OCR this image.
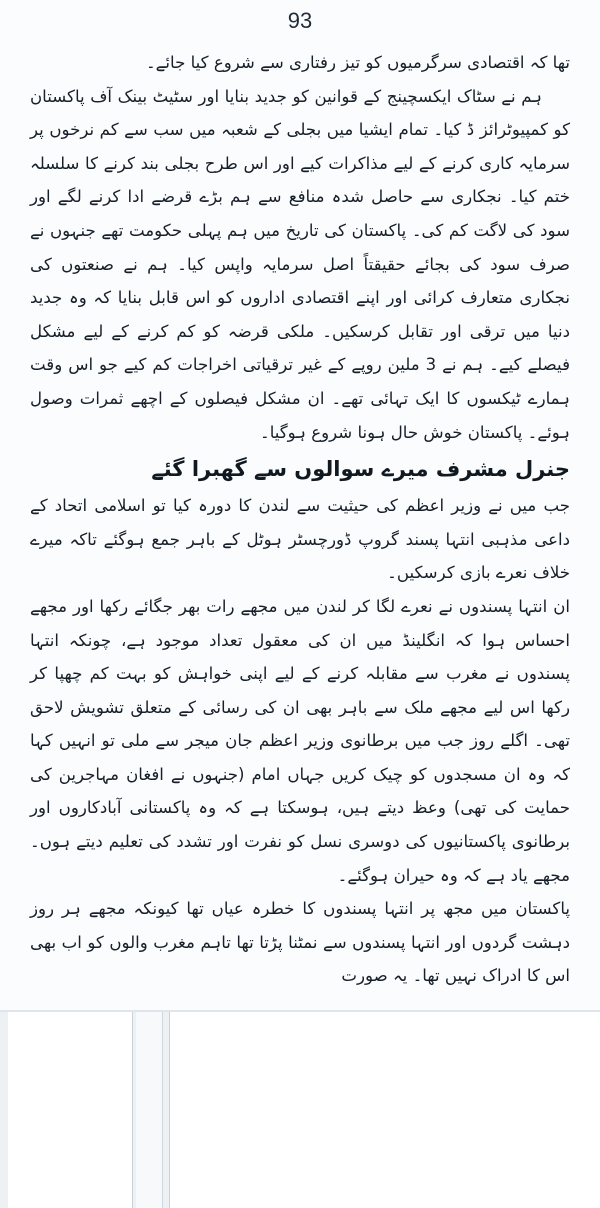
93

تھا کہ اقتصادی سرگرمیوں کو تیز رفتاری سے شروع کیا جائے۔

ہم نے سٹاک ایکسچینج کے قوانین کو جدید بنایا اور سٹیٹ بینک آف پاکستان کو کمپیوٹرائز ڈ کیا۔ تمام ایشیا میں بجلی کے شعبہ میں سب سے کم نرخوں پر سرمایہ کاری کرنے کے لیے مذاکرات کیے اور اس طرح بجلی بند کرنے کا سلسلہ ختم کیا۔ نجکاری سے حاصل شدہ منافع سے ہم بڑے قرضے ادا کرنے لگے اور سود کی لاگت کم کی۔ پاکستان کی تاریخ میں ہم پہلی حکومت تھے جنہوں نے صرف سود کی بجائے حقیقتاً اصل سرمایہ واپس کیا۔ ہم نے صنعتوں کی نجکاری متعارف کرائی اور اپنے اقتصادی اداروں کو اس قابل بنایا کہ وہ جدید دنیا میں ترقی اور تقابل کرسکیں۔ ملکی قرضہ کو کم کرنے کے لیے مشکل فیصلے کیے۔ ہم نے 3 ملین روپے کے غیر ترقیاتی اخراجات کم کیے جو اس وقت ہمارے ٹیکسوں کا ایک تہائی تھے۔ ان مشکل فیصلوں کے اچھے ثمرات وصول ہوئے۔ پاکستان خوش حال ہونا شروع ہوگیا۔

جنرل مشرف میرے سوالوں سے گھبرا گئے

جب میں نے وزیر اعظم کی حیثیت سے لندن کا دورہ کیا تو اسلامی اتحاد کے داعی مذہبی انتہا پسند گروپ ڈورچسٹر ہوٹل کے باہر جمع ہوگئے تاکہ میرے خلاف نعرے بازی کرسکیں۔

ان انتہا پسندوں نے نعرے لگا کر لندن میں مجھے رات بھر جگائے رکھا اور مجھے احساس ہوا کہ انگلینڈ میں ان کی معقول تعداد موجود ہے، چونکہ انتہا پسندوں نے مغرب سے مقابلہ کرنے کے لیے اپنی خواہش کو بہت کم چھپا کر رکھا اس لیے مجھے ملک سے باہر بھی ان کی رسائی کے متعلق تشویش لاحق تھی۔ اگلے روز جب میں برطانوی وزیر اعظم جان میجر سے ملی تو انہیں کہا کہ وہ ان مسجدوں کو چیک کریں جہاں امام (جنہوں نے افغان مہاجرین کی حمایت کی تھی) وعظ دیتے ہیں، ہوسکتا ہے کہ وہ پاکستانی آبادکاروں اور برطانوی پاکستانیوں کی دوسری نسل کو نفرت اور تشدد کی تعلیم دیتے ہوں۔ مجھے یاد ہے کہ وہ حیران ہوگئے۔

پاکستان میں مجھ پر انتہا پسندوں کا خطرہ عیاں تھا کیونکہ مجھے ہر روز دہشت گردوں اور انتہا پسندوں سے نمٹنا پڑتا تھا تاہم مغرب والوں کو اب بھی اس کا ادراک نہیں تھا۔ یہ صورت
